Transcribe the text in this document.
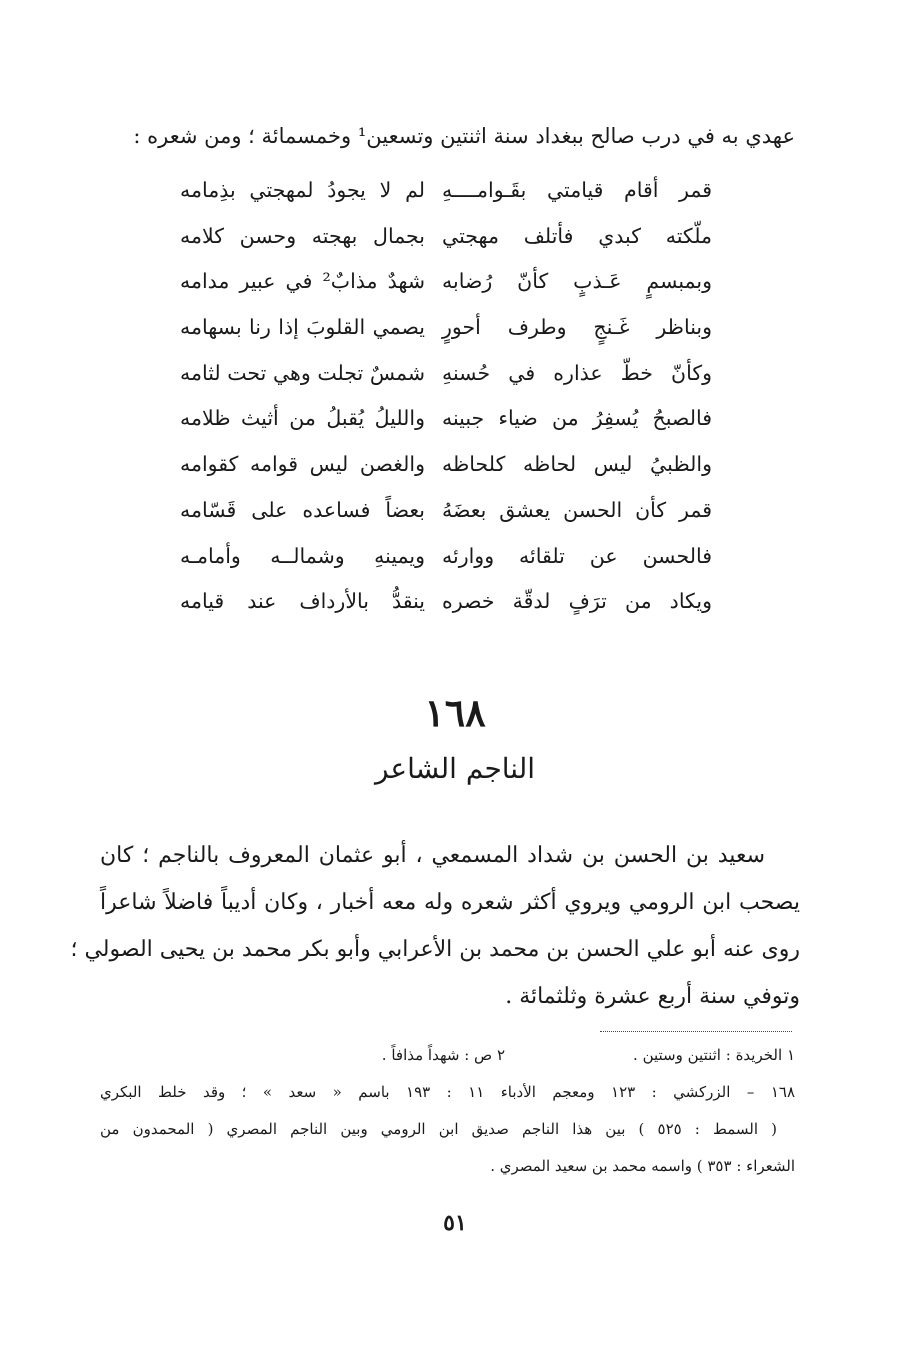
عهدي به في درب صالح ببغداد سنة اثنتين وتسعين¹ وخمسمائة ؛ ومن شعره :
قمر أقام قيامتي بقَـوامــــهِ
لم لا يجودُ لمهجتي بذِمامه
ملّكته كبدي فأتلف مهجتي
بجمال بهجته وحسن كلامه
وبمبسمٍ عَـذبٍ كأنّ رُضابه
شهدٌ مذابٌ² في عبير مدامه
وبناظر غَـنجٍ وطرف أحورٍ
يصمي القلوبَ إذا رنا بسهامه
وكأنّ خطّ عذاره في حُسنهِ
شمسٌ تجلت وهي تحت لثامه
فالصبحُ يُسفِرُ من ضياء جبينه
والليلُ يُقبلُ من أثيث ظلامه
والظبيُ ليس لحاظه كلحاظه
والغصن ليس قوامه كقوامه
قمر كأن الحسن يعشق بعضَهُ
بعضاً فساعده على قَسّامه
فالحسن عن تلقائه ووارئه
ويمينهِ وشمالــه وأمامـه
ويكاد من ترَفٍ لدقّة خصره
ينقدُّ بالأرداف عند قيامه
١٦٨
الناجم الشاعر
سعيد بن الحسن بن شداد المسمعي ، أبو عثمان المعروف بالناجم ؛ كان
يصحب ابن الرومي ويروي أكثر شعره وله معه أخبار ، وكان أديباً فاضلاً شاعراً
روى عنه أبو علي الحسن بن محمد بن الأعرابي وأبو بكر محمد بن يحيى الصولي ؛
وتوفي سنة أربع عشرة وثلثمائة .
١ الخريدة : اثنتين وستين .
٢ ص : شهداً مذافاً .
١٦٨ – الزركشي : ١٢٣ ومعجم الأدباء ١١ : ١٩٣ باسم « سعد » ؛ وقد خلط البكري
( السمط : ٥٢٥ ) بين هذا الناجم صديق ابن الرومي وبين الناجم المصري ( المحمدون من
الشعراء : ٣٥٣ ) واسمه محمد بن سعيد المصري .
٥١
